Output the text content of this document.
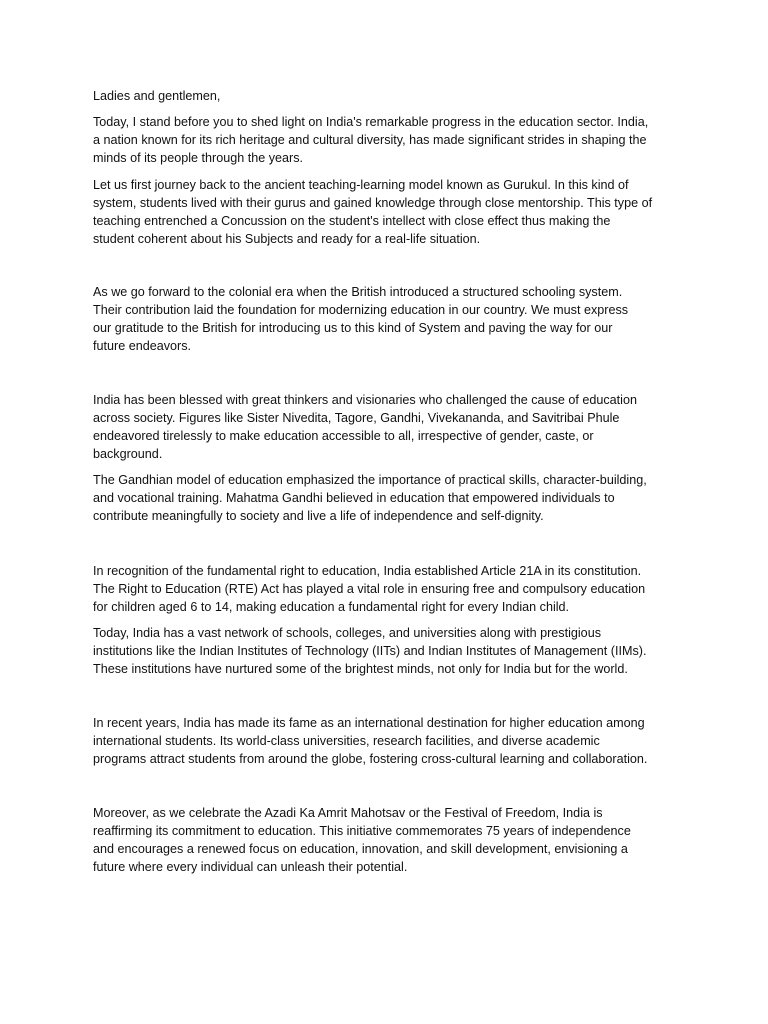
Ladies and gentlemen,

Today, I stand before you to shed light on India's remarkable progress in the education sector. India,
a nation known for its rich heritage and cultural diversity, has made significant strides in shaping the
minds of its people through the years.

Let us first journey back to the ancient teaching-learning model known as Gurukul. In this kind of
system, students lived with their gurus and gained knowledge through close mentorship. This type of
teaching entrenched a Concussion on the student's intellect with close effect thus making the
student coherent about his Subjects and ready for a real-life situation.

As we go forward to the colonial era when the British introduced a structured schooling system.
Their contribution laid the foundation for modernizing education in our country. We must express
our gratitude to the British for introducing us to this kind of System and paving the way for our
future endeavors.

India has been blessed with great thinkers and visionaries who challenged the cause of education
across society. Figures like Sister Nivedita, Tagore, Gandhi, Vivekananda, and Savitribai Phule
endeavored tirelessly to make education accessible to all, irrespective of gender, caste, or
background.

The Gandhian model of education emphasized the importance of practical skills, character-building,
and vocational training. Mahatma Gandhi believed in education that empowered individuals to
contribute meaningfully to society and live a life of independence and self-dignity.

In recognition of the fundamental right to education, India established Article 21A in its constitution.
The Right to Education (RTE) Act has played a vital role in ensuring free and compulsory education
for children aged 6 to 14, making education a fundamental right for every Indian child.

Today, India has a vast network of schools, colleges, and universities along with prestigious
institutions like the Indian Institutes of Technology (IITs) and Indian Institutes of Management (IIMs).
These institutions have nurtured some of the brightest minds, not only for India but for the world.

In recent years, India has made its fame as an international destination for higher education among
international students. Its world-class universities, research facilities, and diverse academic
programs attract students from around the globe, fostering cross-cultural learning and collaboration.

Moreover, as we celebrate the Azadi Ka Amrit Mahotsav or the Festival of Freedom, India is
reaffirming its commitment to education. This initiative commemorates 75 years of independence
and encourages a renewed focus on education, innovation, and skill development, envisioning a
future where every individual can unleash their potential.
